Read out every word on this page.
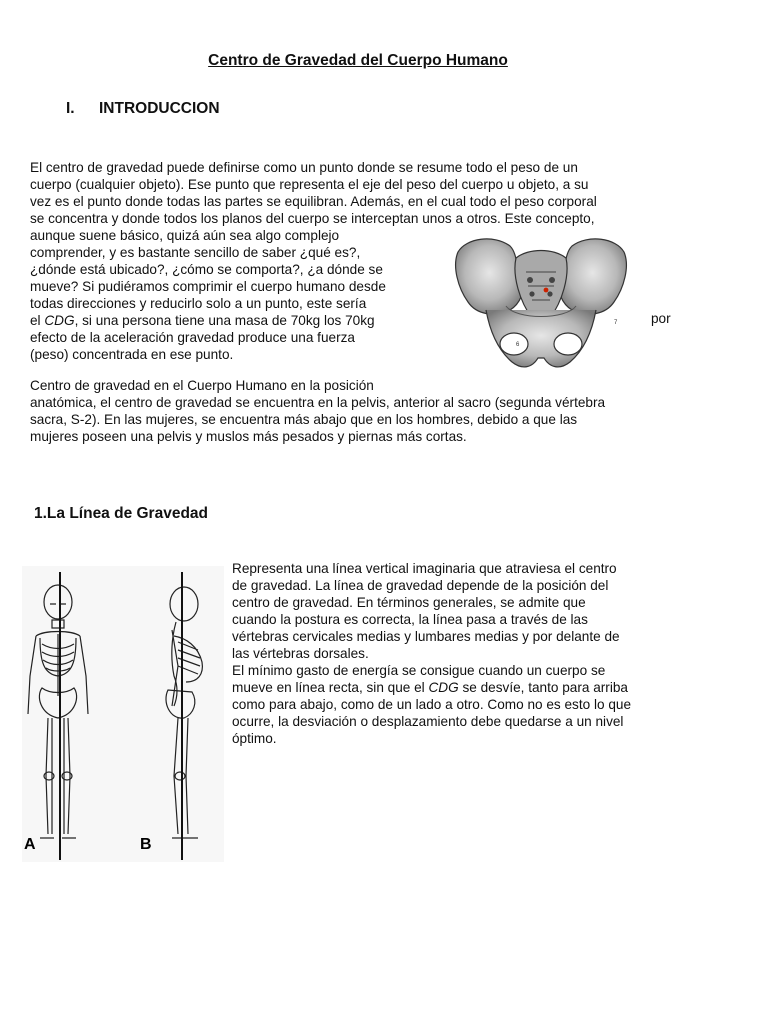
Centro de Gravedad del Cuerpo Humano
I. INTRODUCCION
El centro de gravedad puede definirse como un punto donde se resume todo el peso de un
cuerpo (cualquier objeto). Ese punto que representa el eje del peso del cuerpo u objeto, a su
vez es el punto donde todas las partes se equilibran. Además, en el cual todo el peso corporal
se concentra y donde todos los planos del cuerpo se interceptan unos a otros. Este concepto,
aunque suene básico, quizá aún sea algo complejo
comprender, y es bastante sencillo de saber ¿qué es?,
¿dónde está ubicado?, ¿cómo se comporta?, ¿a dónde se
mueve? Si pudiéramos comprimir el cuerpo humano desde
todas direcciones y reducirlo solo a un punto, este sería
el CDG, si una persona tiene una masa de 70kg los 70kg
efecto de la aceleración gravedad produce una fuerza
(peso) concentrada en ese punto.
por
7
6
Centro de gravedad en el Cuerpo Humano en la posición
anatómica, el centro de gravedad se encuentra en la pelvis, anterior al sacro (segunda vértebra
sacra, S-2). En las mujeres, se encuentra más abajo que en los hombres, debido a que las
mujeres poseen una pelvis y muslos más pesados y piernas más cortas.
1.La Línea de Gravedad
A	B
Representa una línea vertical imaginaria que atraviesa el centro
de gravedad. La línea de gravedad depende de la posición del
centro de gravedad. En términos generales, se admite que
cuando la postura es correcta, la línea pasa a través de las
vértebras cervicales medias y lumbares medias y por delante de
las vértebras dorsales.
El mínimo gasto de energía se consigue cuando un cuerpo se
mueve en línea recta, sin que el CDG se desvíe, tanto para arriba
como para abajo, como de un lado a otro. Como no es esto lo que
ocurre, la desviación o desplazamiento debe quedarse a un nivel
óptimo.
